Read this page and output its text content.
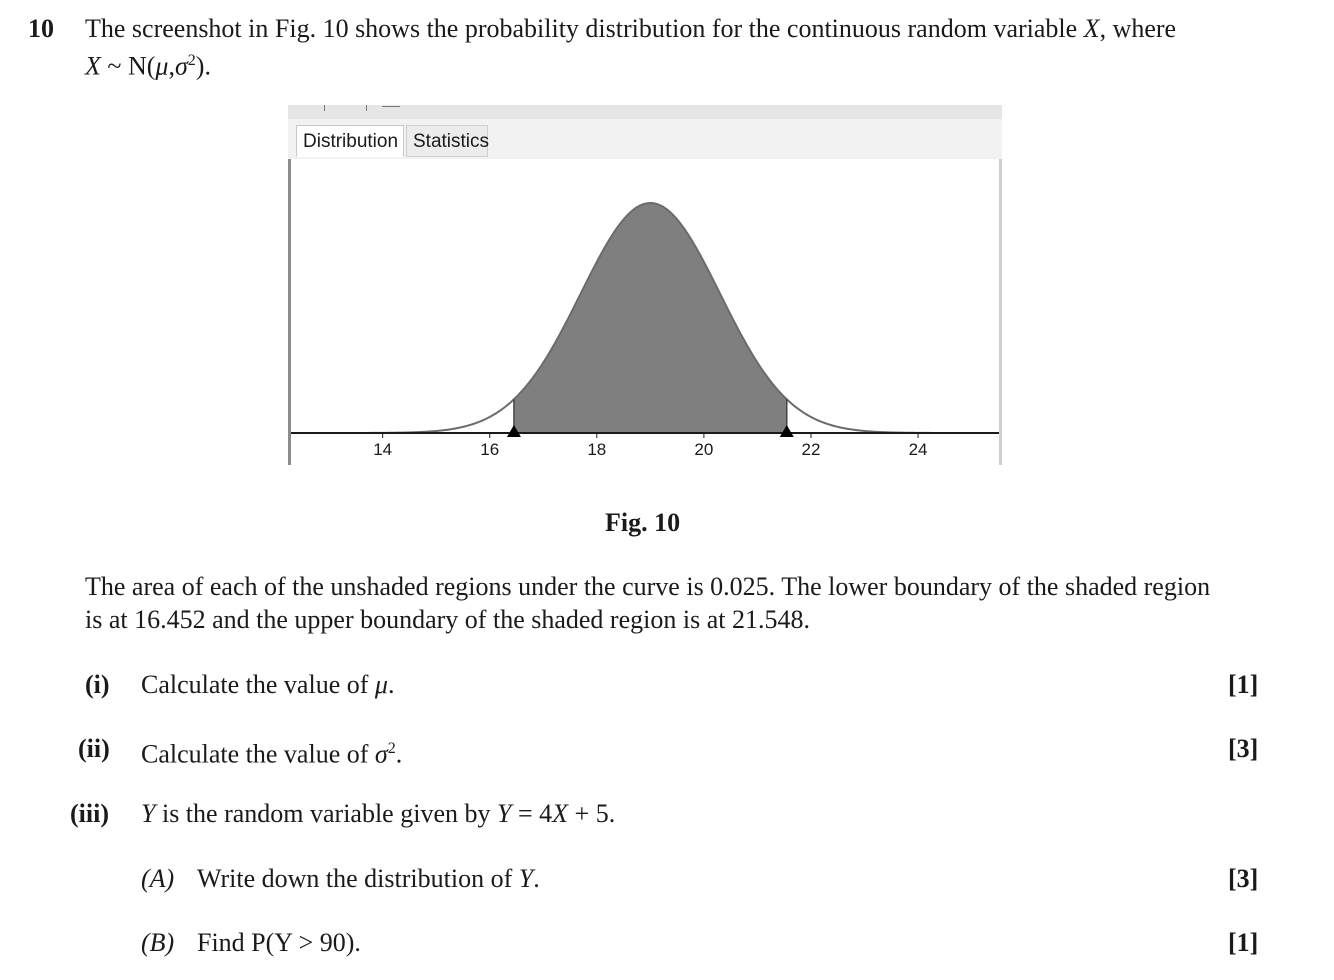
10 The screenshot in Fig. 10 shows the probability distribution for the continuous random variable X, where
X ~ $N(\mu,\sigma^2)$.
Distribution Statistics
14	16	18	20	22	24
Fig. 10
The area of each of the unshaded regions under the curve is 0.025. The lower boundary of the shaded region
is at 16.452 and the upper boundary of the shaded region is at 21.548.
(i) Calculate the value of μ.	[1]
(ii) Calculate the value of $\sigma^2$.	[3]
(iii) Y is the random variable given by Y = 4X + 5.
(A) Write down the distribution of Y.	[3]
(B) Find P(Y > 90).	[1]
